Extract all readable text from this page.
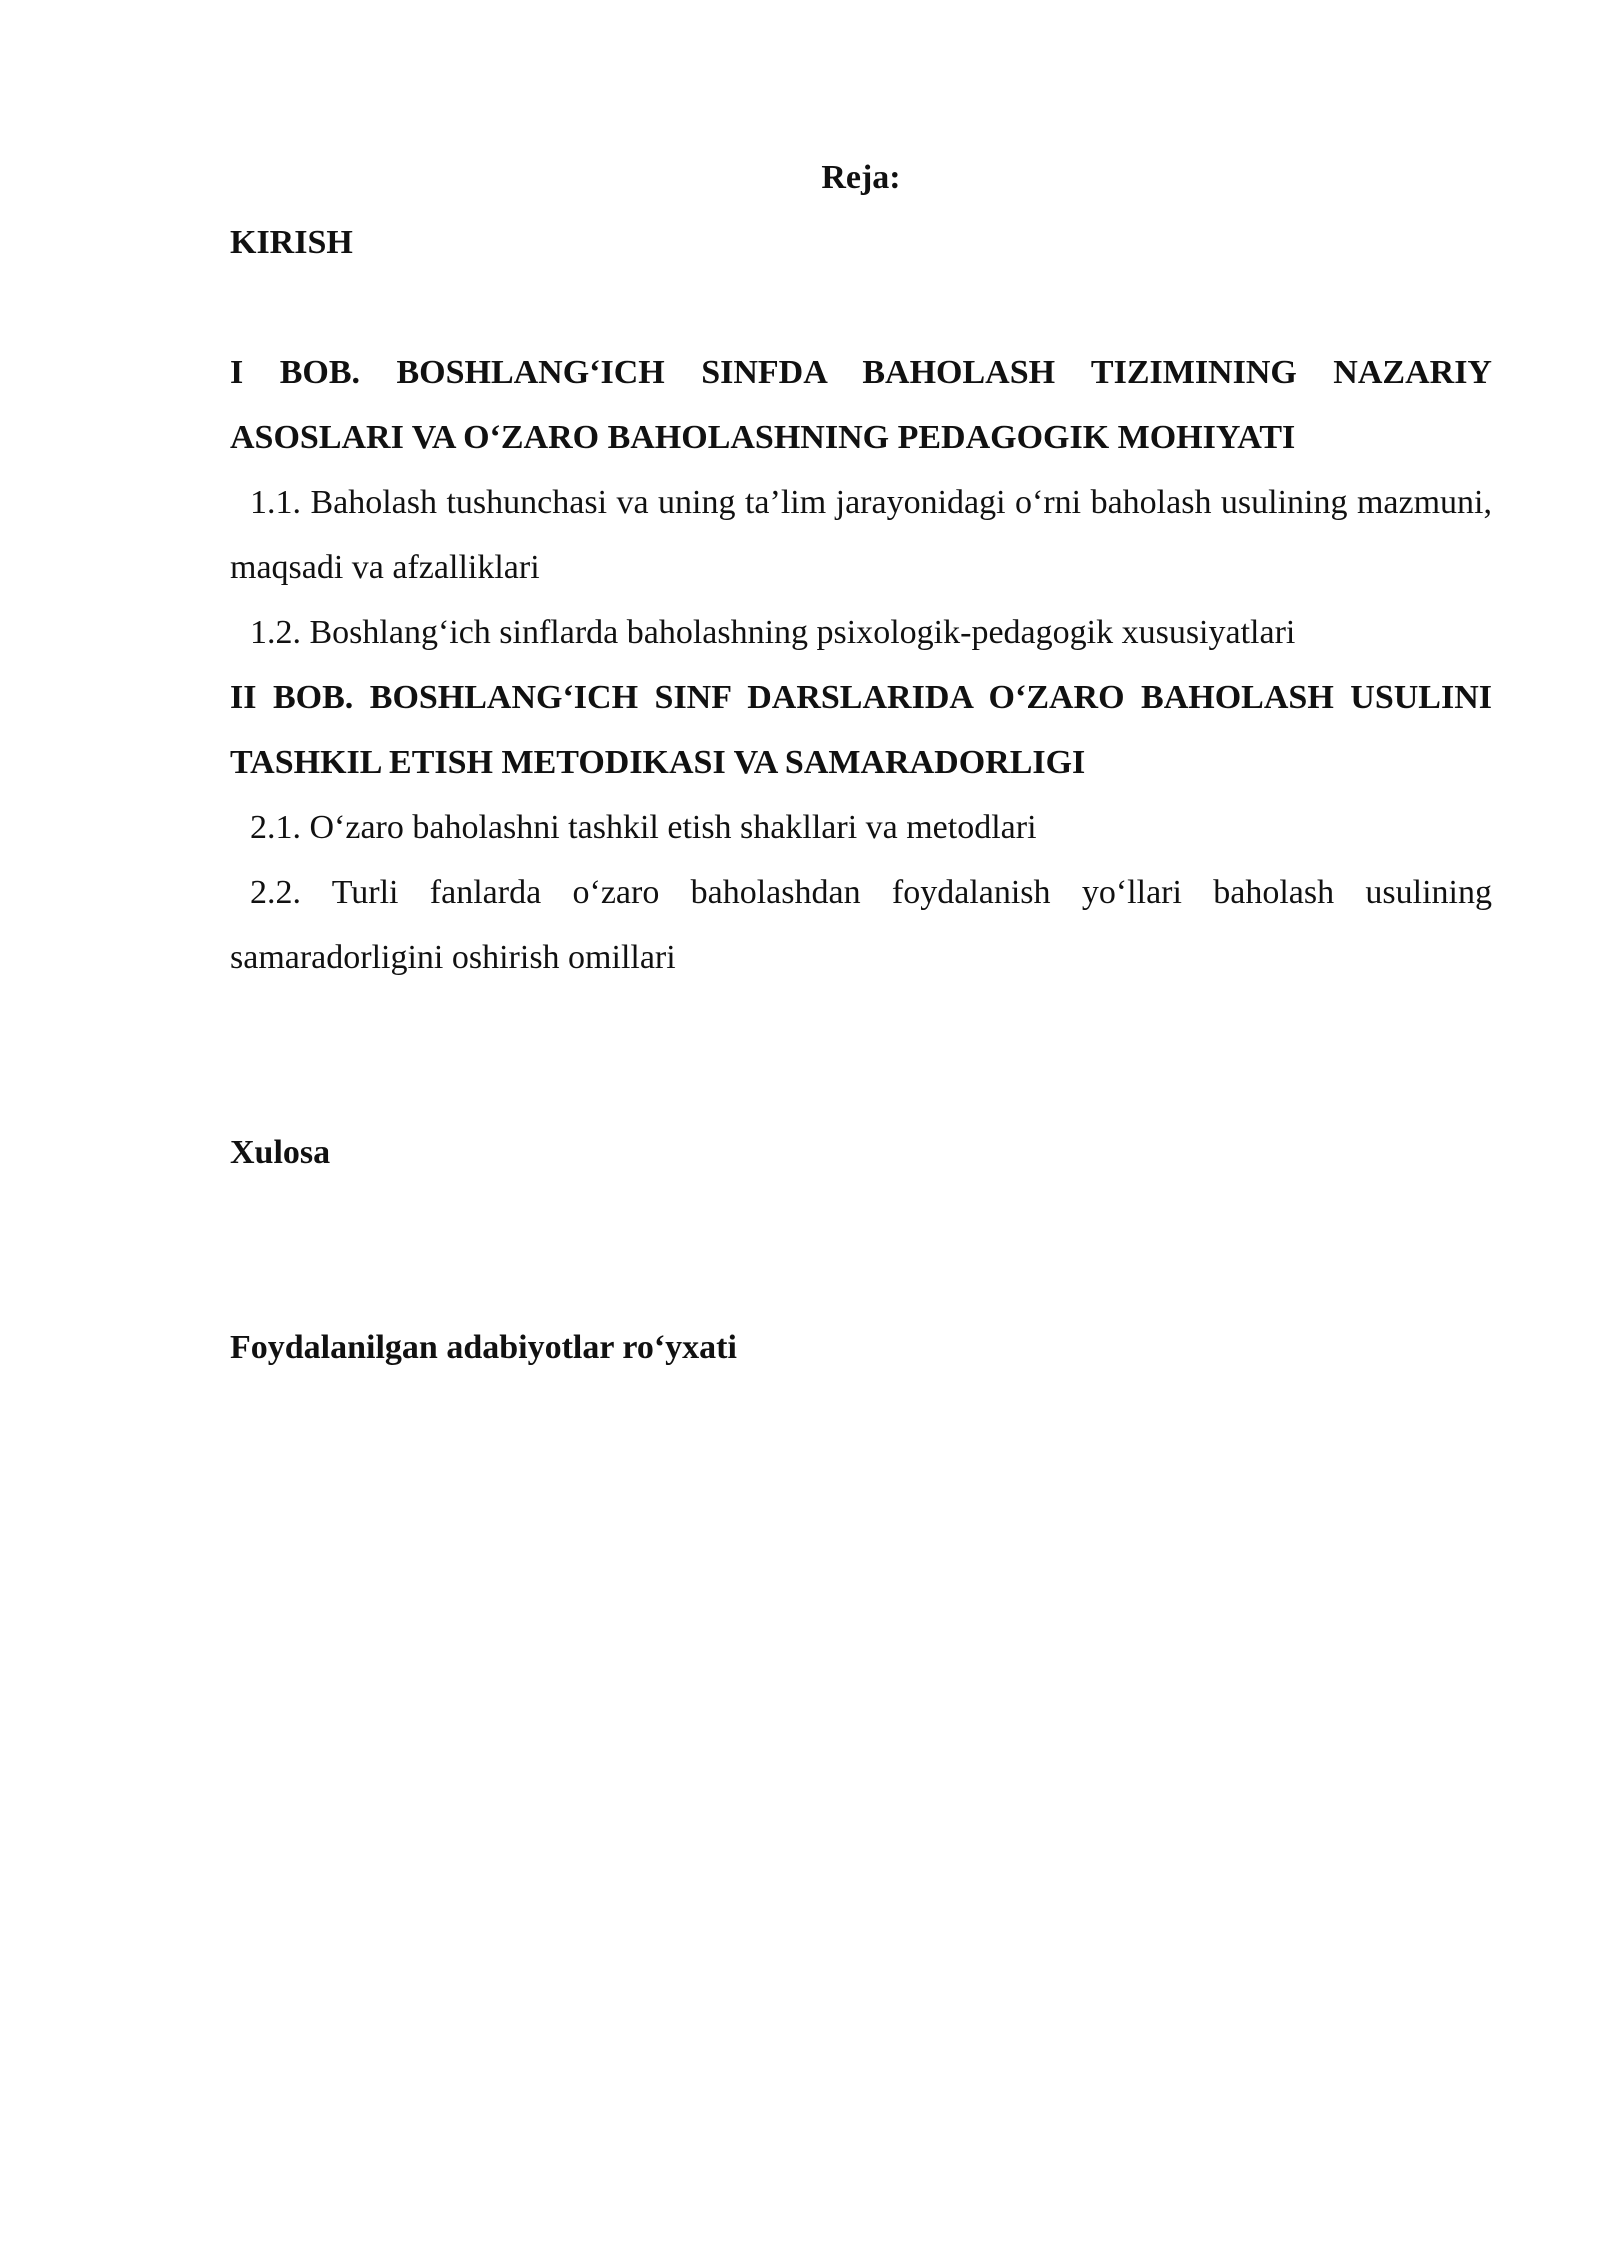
Reja:

KIRISH

I BOB. BOSHLANG‘ICH SINFDA BAHOLASH TIZIMINING NAZARIY ASOSLARI VA O‘ZARO BAHOLASHNING PEDAGOGIK MOHIYATI

1.1. Baholash tushunchasi va uning ta’lim jarayonidagi o‘rni baholash usulining mazmuni, maqsadi va afzalliklari

1.2. Boshlang‘ich sinflarda baholashning psixologik-pedagogik xususiyatlari

II BOB. BOSHLANG‘ICH SINF DARSLARIDA O‘ZARO BAHOLASH USULINI TASHKIL ETISH METODIKASI VA SAMARADORLIGI

2.1. O‘zaro baholashni tashkil etish shakllari va metodlari

2.2. Turli fanlarda o‘zaro baholashdan foydalanish yo‘llari baholash usulining samaradorligini oshirish omillari

Xulosa

Foydalanilgan adabiyotlar ro‘yxati
